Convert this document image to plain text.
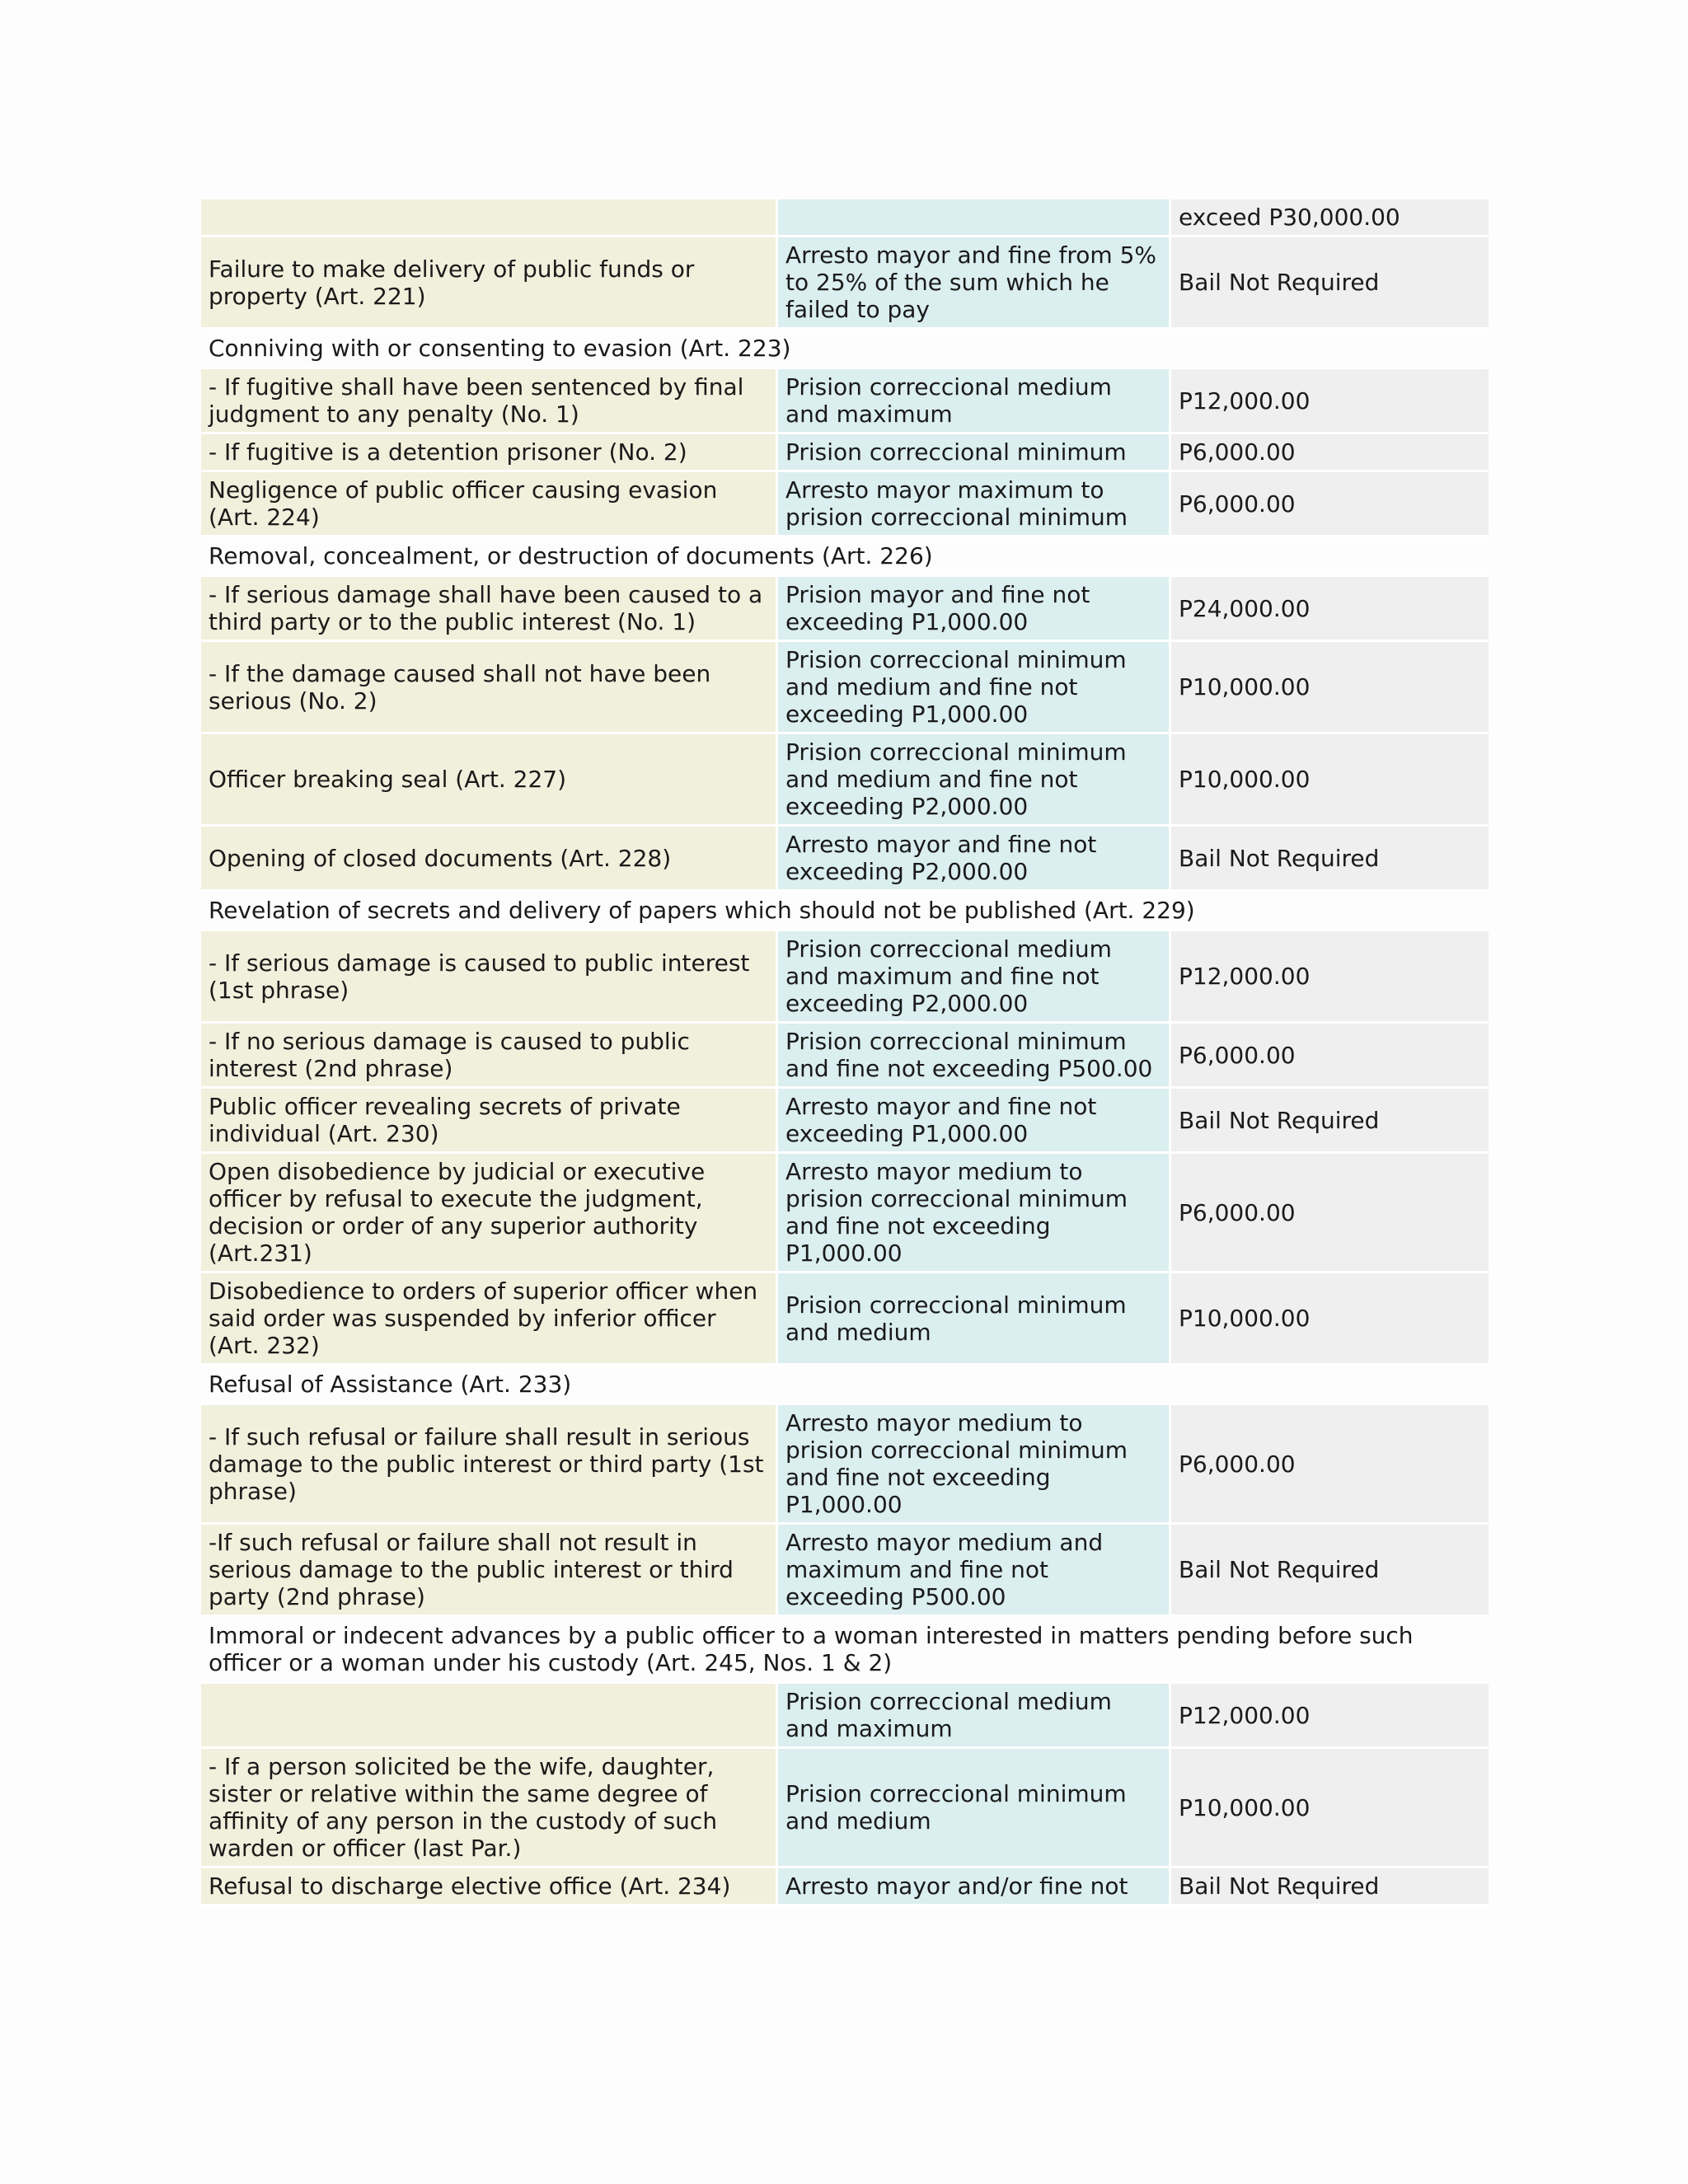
		exceed P30,000.00
Failure to make delivery of public funds or property (Art. 221)	Arresto mayor and fine from 5% to 25% of the sum which he failed to pay	Bail Not Required
Conniving with or consenting to evasion (Art. 223)		
- If fugitive shall have been sentenced by final judgment to any penalty (No. 1)	Prision correccional medium and maximum	P12,000.00
- If fugitive is a detention prisoner (No. 2)	Prision correccional minimum	P6,000.00
Negligence of public officer causing evasion (Art. 224)	Arresto mayor maximum to prision correccional minimum	P6,000.00
Removal, concealment, or destruction of documents (Art. 226)		
- If serious damage shall have been caused to a third party or to the public interest (No. 1)	Prision mayor and fine not exceeding P1,000.00	P24,000.00
- If the damage caused shall not have been serious (No. 2)	Prision correccional minimum and medium and fine not exceeding P1,000.00	P10,000.00
Officer breaking seal (Art. 227)	Prision correccional minimum and medium and fine not exceeding P2,000.00	P10,000.00
Opening of closed documents (Art. 228)	Arresto mayor and fine not exceeding P2,000.00	Bail Not Required
Revelation of secrets and delivery of papers which should not be published (Art. 229)		
- If serious damage is caused to public interest (1st phrase)	Prision correccional medium and maximum and fine not exceeding P2,000.00	P12,000.00
- If no serious damage is caused to public interest (2nd phrase)	Prision correccional minimum and fine not exceeding P500.00	P6,000.00
Public officer revealing secrets of private individual (Art. 230)	Arresto mayor and fine not exceeding P1,000.00	Bail Not Required
Open disobedience by judicial or executive officer by refusal to execute the judgment, decision or order of any superior authority (Art.231)	Arresto mayor medium to prision correccional minimum and fine not exceeding P1,000.00	P6,000.00
Disobedience to orders of superior officer when said order was suspended by inferior officer (Art. 232)	Prision correccional minimum and medium	P10,000.00
Refusal of Assistance (Art. 233)		
- If such refusal or failure shall result in serious damage to the public interest or third party (1st phrase)	Arresto mayor medium to prision correccional minimum and fine not exceeding P1,000.00	P6,000.00
-If such refusal or failure shall not result in serious damage to the public interest or third party (2nd phrase)	Arresto mayor medium and maximum and fine not exceeding P500.00	Bail Not Required
Immoral or indecent advances by a public officer to a woman interested in matters pending before such officer or a woman under his custody (Art. 245, Nos. 1 & 2)		
	Prision correccional medium and maximum	P12,000.00
- If a person solicited be the wife, daughter, sister or relative within the same degree of affinity of any person in the custody of such warden or officer (last Par.)	Prision correccional minimum and medium	P10,000.00
Refusal to discharge elective office (Art. 234)	Arresto mayor and/or fine not	Bail Not Required
